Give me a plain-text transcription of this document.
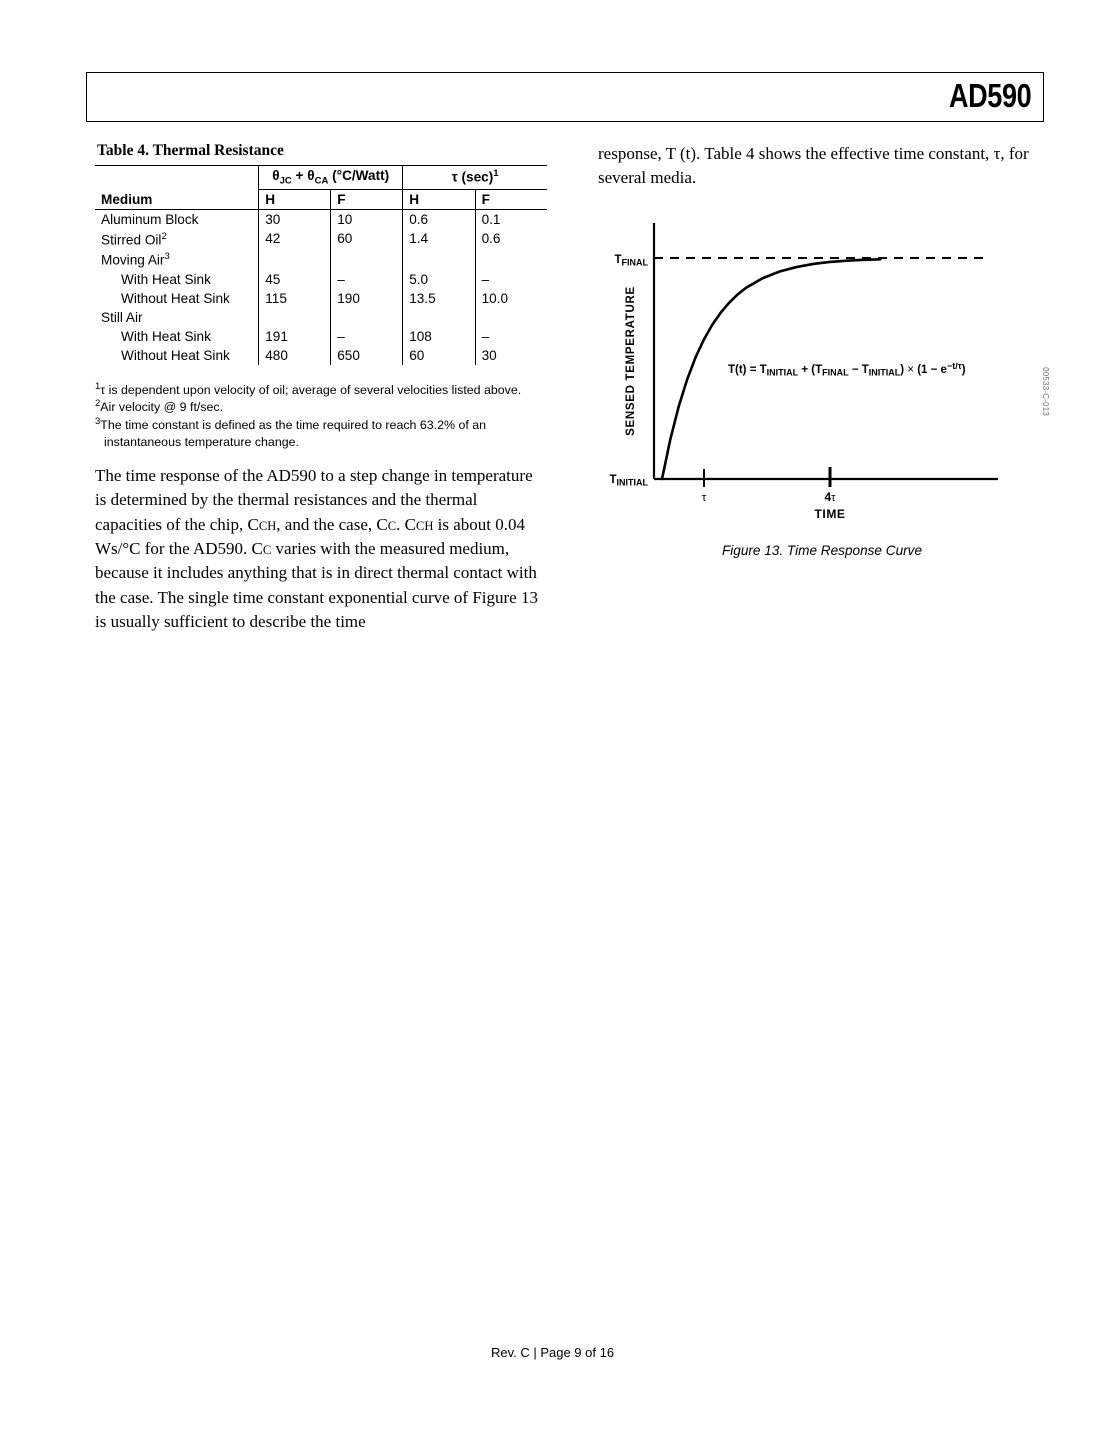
AD590
Table 4. Thermal Resistance
Medium	$\theta_{JC} + \theta_{CA}$ (°C/Watt)		τ (sec)$^1$
	H	F	H	F
Aluminum Block	30	10	0.6	0.1
Stirred Oil$^2$	42	60	1.4	0.6
Moving Air$^3$				
With Heat Sink	45	–	5.0	–
Without Heat Sink	115	190	13.5	10.0
Still Air				
With Heat Sink	191	–	108	–
Without Heat Sink	480	650	60	30
$^1$τ is dependent upon velocity of oil; average of several velocities listed above.
$^2$Air velocity @ 9 ft/sec.
$^3$The time constant is defined as the time required to reach 63.2% of an
instantaneous temperature change.

The time response of the AD590 to a step change in temperature is determined by the thermal resistances and the thermal capacities of the chip, CCH, and the case, CC. CCH is about 0.04 Ws/°C for the AD590. CC varies with the measured medium, because it includes anything that is in direct thermal contact with the case. The single time constant exponential curve of Figure 13 is usually sufficient to describe the time

response, T (t). Table 4 shows the effective time constant, τ, for several media.

$T_{FINAL}$
$T_{INITIAL}$
τ	4τ
TIME
SENSED TEMPERATURE	$T(t) = T_{INITIAL} + (T_{FINAL} - T_{INITIAL}) \times (1 - e^{-t/\tau})$	00533-C-013
Figure 13. Time Response Curve
Rev. C | Page 9 of 16
